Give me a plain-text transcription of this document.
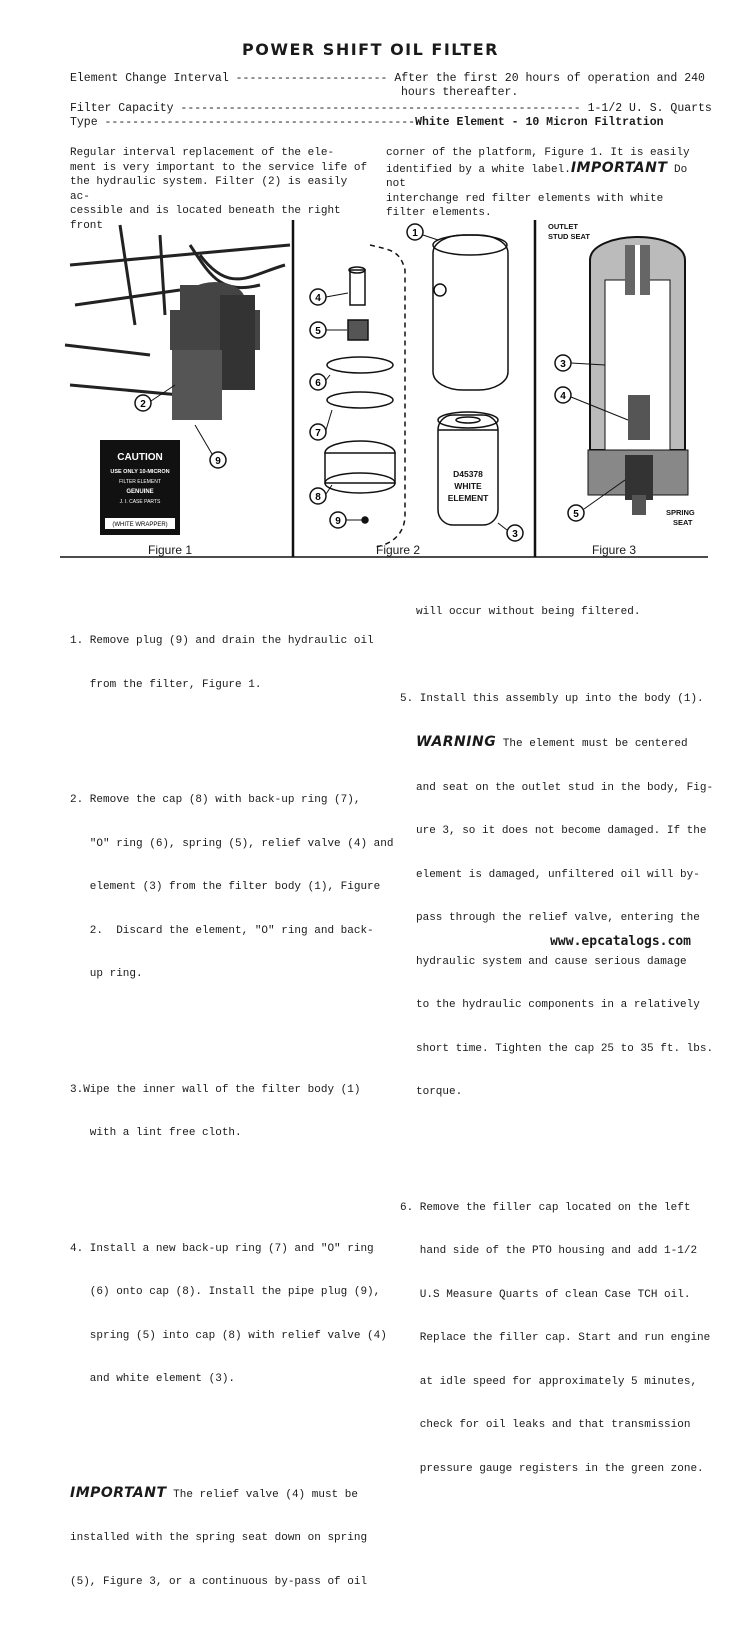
POWER SHIFT OIL FILTER
Element Change Interval ---------------------- After the first 20 hours of operation and 240
hours thereafter.
Filter Capacity ---------------------------------------------------------- 1-1/2 U. S. Quarts
Type ---------------------------------------------White Element - 10 Micron Filtration
Regular interval replacement of the ele-
ment is very important to the service life of
the hydraulic system. Filter (2) is easily ac-
cessible and is located beneath the right front
corner of the platform, Figure 1. It is easily
identified by a white label.IMPORTANT Do not
interchange red filter elements with white
filter elements.
CAUTION
USE ONLY 10-MICRON
FILTER ELEMENT
GENUINE
J. I. CASE PARTS
(WHITE WRAPPER)
2
9
D45378
WHITE
ELEMENT
1
4
5
6
7
8
9
3
OUTLET
STUD SEAT
SPRING
SEAT
3
4
5
Figure 1	Figure 2	Figure 3

1. Remove plug (9) and drain the hydraulic oil

from the filter, Figure 1.

2. Remove the cap (8) with back-up ring (7),

"O" ring (6), spring (5), relief valve (4) and

element (3) from the filter body (1), Figure

2.  Discard the element, "O" ring and back-

up ring.

3.Wipe the inner wall of the filter body (1)

with a lint free cloth.

4. Install a new back-up ring (7) and "O" ring

(6) onto cap (8). Install the pipe plug (9),

spring (5) into cap (8) with relief valve (4)

and white element (3).

IMPORTANT The relief valve (4) must be

installed with the spring seat down on spring

(5), Figure 3, or a continuous by-pass of oil

will occur without being filtered.

5. Install this assembly up into the body (1).

WARNING The element must be centered

and seat on the outlet stud in the body, Fig-

ure 3, so it does not become damaged. If the

element is damaged, unfiltered oil will by-

pass through the relief valve, entering the

hydraulic system and cause serious damage

to the hydraulic components in a relatively

short time. Tighten the cap 25 to 35 ft. lbs.

torque.

6. Remove the filler cap located on the left

hand side of the PTO housing and add 1-1/2

U.S Measure Quarts of clean Case TCH oil.

Replace the filler cap. Start and run engine

at idle speed for approximately 5 minutes,

check for oil leaks and that transmission

pressure gauge registers in the green zone.

www.epcatalogs.com
